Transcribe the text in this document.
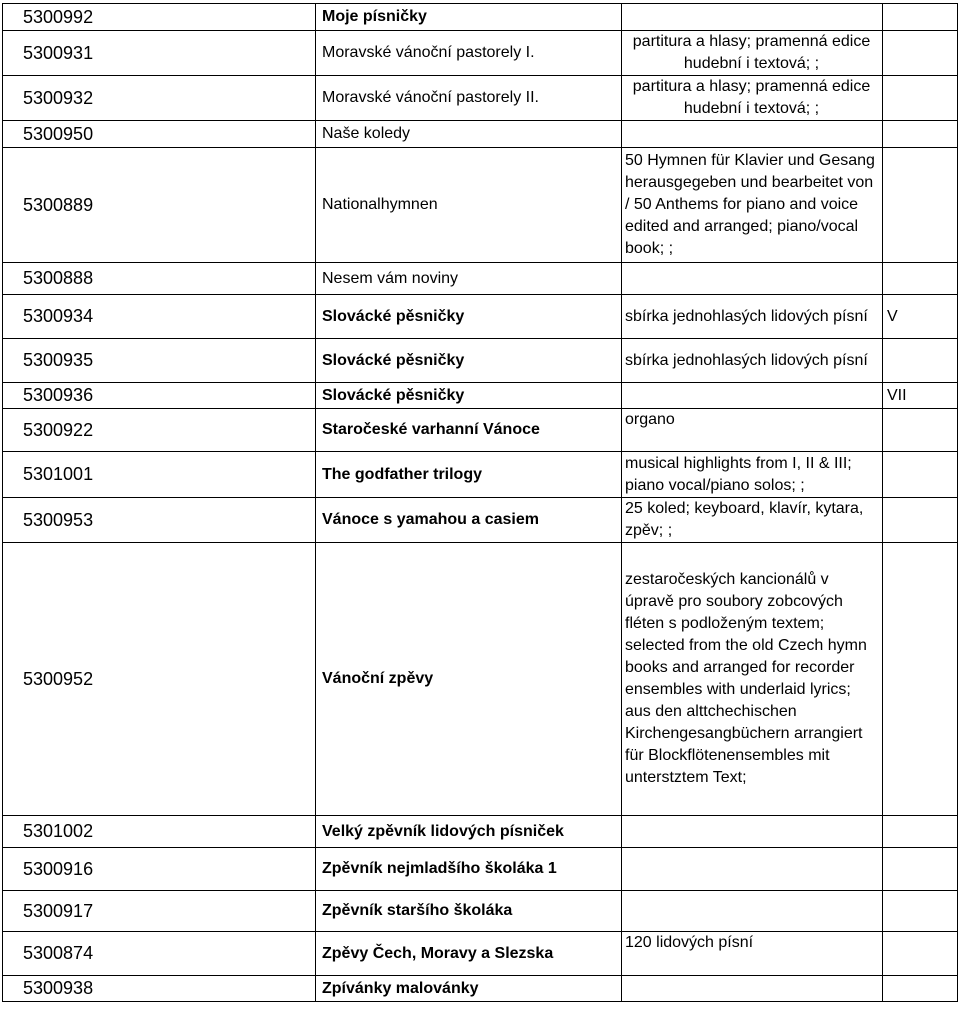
5300992	Moje písničky		
5300931	Moravské vánoční pastorely I.	partitura a hlasy; pramenná edice hudební i textová; ;	
5300932	Moravské vánoční pastorely II.	partitura a hlasy; pramenná edice hudební i textová; ;	
5300950	Naše koledy		
5300889	Nationalhymnen	50 Hymnen für Klavier und Gesang herausgegeben und bearbeitet von / 50 Anthems for piano and voice edited and arranged; piano/vocal book; ;	
5300888	Nesem vám noviny		
5300934	Slovácké pěsničky	sbírka jednohlasých lidových písní	V
5300935	Slovácké pěsničky	sbírka jednohlasých lidových písní	
5300936	Slovácké pěsničky		VII
5300922	Staročeské varhanní Vánoce	organo	
5301001	The godfather trilogy	musical highlights from I, II & III; piano vocal/piano solos; ;	
5300953	Vánoce s yamahou a casiem	25 koled; keyboard, klavír, kytara, zpěv; ;	
5300952	Vánoční zpěvy	zestaročeských kancionálů v úpravě pro soubory zobcových fléten s podloženým textem; selected from the old Czech hymn books and arranged for recorder ensembles with underlaid lyrics; aus den alttchechischen Kirchengesangbüchern arrangiert für Blockflötenensembles mit unterstztem Text;	
5301002	Velký zpěvník lidových písniček		
5300916	Zpěvník nejmladšího školáka 1		
5300917	Zpěvník staršího školáka		
5300874	Zpěvy Čech, Moravy a Slezska	120 lidových písní	
5300938	Zpívánky malovánky		
